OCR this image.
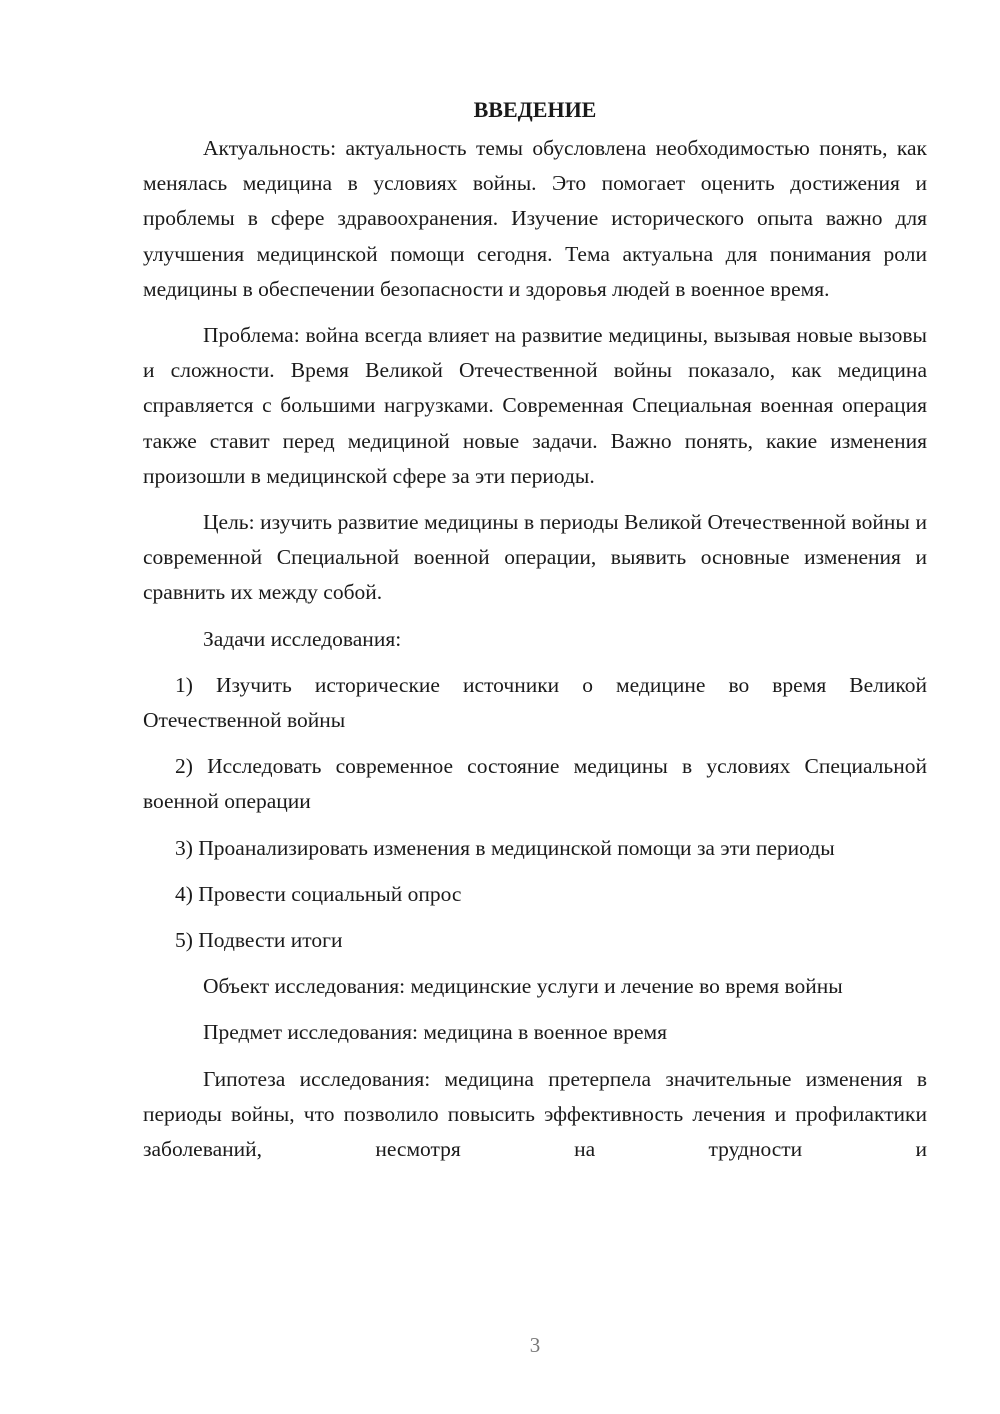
ВВЕДЕНИЕ

Актуальность: актуальность темы обусловлена необходимостью понять, как менялась медицина в условиях войны. Это помогает оценить достижения и проблемы в сфере здравоохранения. Изучение исторического опыта важно для улучшения медицинской помощи сегодня. Тема актуальна для понимания роли медицины в обеспечении безопасности и здоровья людей в военное время.

Проблема: война всегда влияет на развитие медицины, вызывая новые вызовы и сложности. Время Великой Отечественной войны показало, как медицина справляется с большими нагрузками. Современная Специальная военная операция также ставит перед медициной новые задачи. Важно понять, какие изменения произошли в медицинской сфере за эти периоды.

Цель: изучить развитие медицины в периоды Великой Отечественной войны и современной Специальной военной операции, выявить основные изменения и сравнить их между собой.

Задачи исследования:

1) Изучить исторические источники о медицине во время Великой Отечественной войны

2) Исследовать современное состояние медицины в условиях Специальной военной операции

3) Проанализировать изменения в медицинской помощи за эти периоды

4) Провести социальный опрос

5) Подвести итоги

Объект исследования: медицинские услуги и лечение во время войны

Предмет исследования: медицина в военное время

Гипотеза исследования: медицина претерпела значительные изменения в периоды войны, что позволило повысить эффективность лечения и профилактики заболеваний, несмотря на трудности и

3
